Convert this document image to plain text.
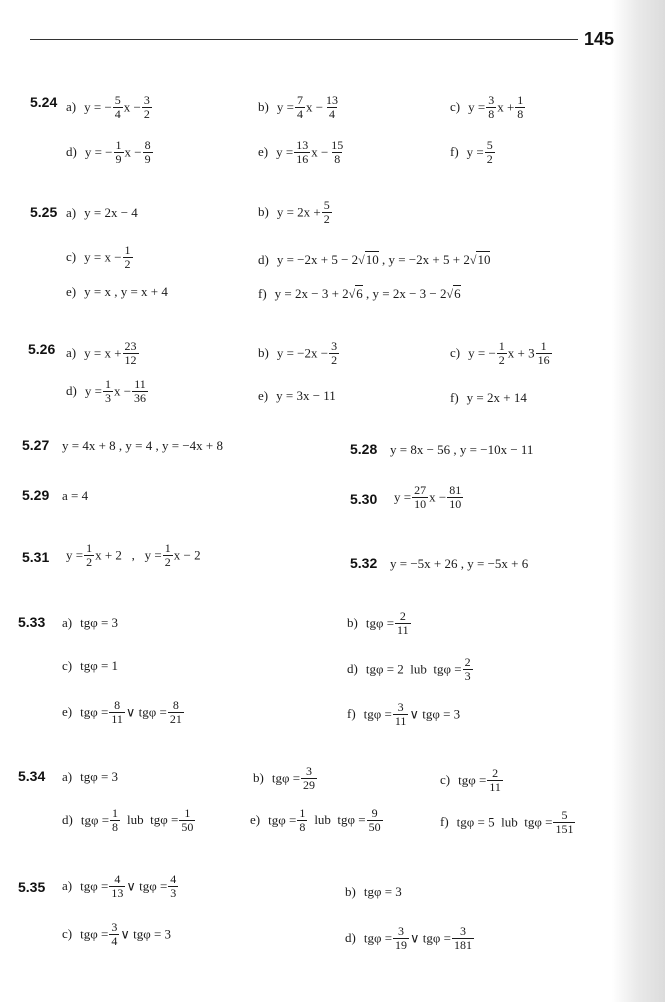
145
5.24 a) y = − $\frac{5}{4}$ $x - \frac{3}{2}$	b) $y = \frac{7}{4}$ $x - \frac{13}{4}$	c) $y = \frac{3}{8}$ $x + \frac{1}{8}$
d) y = − $\frac{1}{9}$ $x - \frac{8}{9}$	e) $y = \frac{13}{16}$ $x - \frac{15}{8}$	f) $y = \frac{5}{2}$
5.25 a) y = 2x − 4	b) $y = 2x + \frac{5}{2}$
c) $y = x - \frac{1}{2}$	d) y = −2x + 5 − 2√10 , y = −2x + 5 + 2√10
e) y = x , y = x + 4	f) y = 2x − 3 + 2√6 , y = 2x − 3 − 2√6
5.26 a) $y = x + \frac{23}{12}$	b) $y = -2x - \frac{3}{2}$	c) y = − $\frac{1}{2}$ $x + 3 \frac{1}{16}$
d) $y = \frac{1}{3}$ $x - \frac{11}{36}$	e) y = 3x − 11	f) y = 2x + 14
5.27 y = 4x + 8 , y = 4 , y = −4x + 8	5.28 y = 8x − 56 , y = −10x − 11
5.29 a = 4	5.30 $y = \frac{27}{10}$ $x - \frac{81}{10}$
5.31 $y = \frac{1}{2}$ x + 2   ,   $y = \frac{1}{2}$ x − 2
5.32 y = −5x + 26 , y = −5x + 6
5.33 a) tgφ = 3	b) $tg\varphi = \frac{2}{11}$
c) tgφ = 1	d) tgφ = 2  lub  $tg\varphi = \frac{2}{3}$
e) $tg\varphi = \frac{8}{11}$ ∨ $tg\varphi = \frac{8}{21}$	f) $tg\varphi = \frac{3}{11}$ ∨ tgφ = 3
5.34 a) tgφ = 3	b) $tg\varphi = \frac{3}{29}$	c) $tg\varphi = \frac{2}{11}$
d) $tg\varphi = \frac{1}{8}$ lub  $tg\varphi = \frac{1}{50}$	e) $tg\varphi = \frac{1}{8}$ lub  $tg\varphi = \frac{9}{50}$	f) tgφ = 5  lub  $tg\varphi = \frac{5}{151}$
5.35 a) $tg\varphi = \frac{4}{13}$ ∨ $tg\varphi = \frac{4}{3}$	b) tgφ = 3
c) $tg\varphi = \frac{3}{4}$ ∨ tgφ = 3	d) $tg\varphi = \frac{3}{19}$ ∨ $tg\varphi = \frac{3}{181}$
